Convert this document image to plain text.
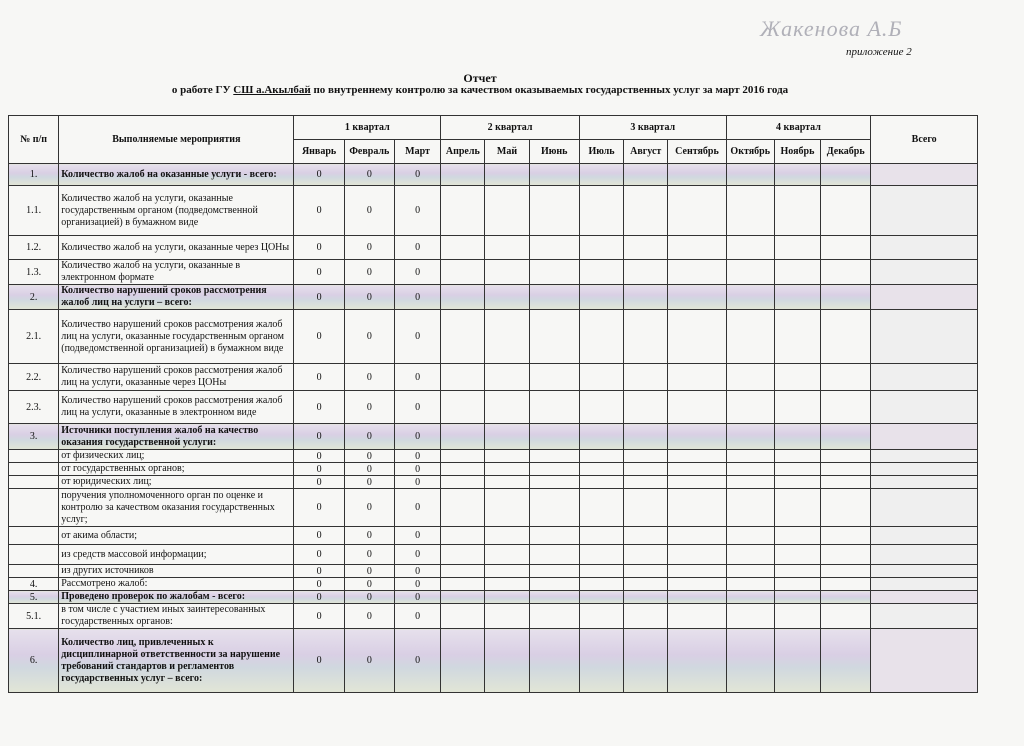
Жакенова А.Б
приложение 2
Отчет
о работе ГУ СШ а.Акылбай по внутреннему контролю за качеством оказываемых государственных услуг за март 2016 года
№ п/п	Выполняемые мероприятия	1 квартал			2 квартал			3 квартал			4 квартал			Всего
		Январь	Февраль	Март	Апрель	Май	Июнь	Июль	Август	Сентябрь	Октябрь	Ноябрь	Декабрь	
1.	Количество жалоб на оказанные услуги - всего:	0	0	0										
1.1.	Количество жалоб на услуги, оказанные государственным органом (подведомственной организацией) в бумажном виде	0	0	0										
1.2.	Количество жалоб на услуги, оказанные через ЦОНы	0	0	0										
1.3.	Количество жалоб на услуги, оказанные в электронном формате	0	0	0										
2.	Количество нарушений сроков рассмотрения жалоб лиц на услуги – всего:	0	0	0										
2.1.	Количество нарушений сроков рассмотрения жалоб лиц на услуги, оказанные государственным органом (подведомственной организацией) в бумажном виде	0	0	0										
2.2.	Количество нарушений сроков рассмотрения жалоб лиц на услуги, оказанные через ЦОНы	0	0	0										
2.3.	Количество нарушений сроков рассмотрения жалоб лиц на услуги, оказанные в электронном виде	0	0	0										
3.	Источники поступления жалоб на качество оказания государственной услуги:	0	0	0										
	от физических лиц;	0	0	0										
	от государственных органов;	0	0	0										
	от юридических лиц;	0	0	0										
	поручения уполномоченного орган по оценке и контролю за качеством оказания государственных услуг;	0	0	0										
	от акима области;	0	0	0										
	из средств массовой информации;	0	0	0										
	из других источников	0	0	0										
4.	Рассмотрено жалоб:	0	0	0										
5.	Проведено проверок по жалобам - всего:	0	0	0										
5.1.	в том числе с участием иных заинтересованных государственных органов:	0	0	0										
6.	Количество лиц, привлеченных к дисциплинарной ответственности за нарушение требований стандартов и регламентов государственных услуг – всего:	0	0	0										
